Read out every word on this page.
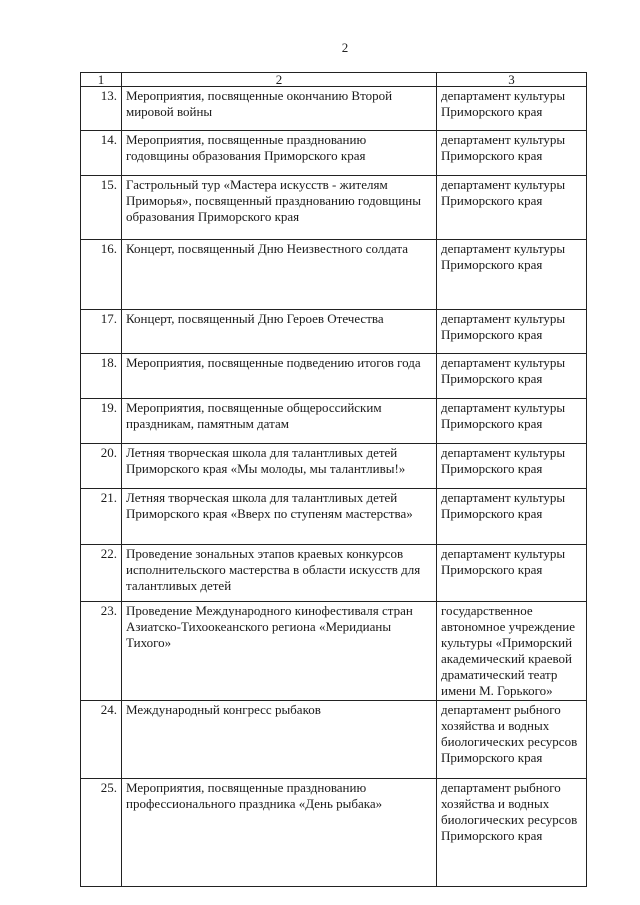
2
1	2	3
13.	Мероприятия, посвященные окончанию Второй мировой войны	департамент культуры Приморского края
14.	Мероприятия, посвященные празднованию годовщины образования Приморского края	департамент культуры Приморского края
15.	Гастрольный тур «Мастера искусств - жителям Приморья», посвященный празднованию годовщины образования Приморского края	департамент культуры Приморского края
16.	Концерт, посвященный Дню Неизвестного солдата	департамент культуры Приморского края
17.	Концерт, посвященный Дню Героев Отечества	департамент культуры Приморского края
18.	Мероприятия, посвященные подведению итогов года	департамент культуры Приморского края
19.	Мероприятия, посвященные общероссийским праздникам, памятным датам	департамент культуры Приморского края
20.	Летняя творческая школа для талантливых детей Приморского края «Мы молоды, мы талантливы!»	департамент культуры Приморского края
21.	Летняя творческая школа для талантливых детей Приморского края «Вверх по ступеням мастерства»	департамент культуры Приморского края
22.	Проведение зональных этапов краевых конкурсов исполнительского мастерства в области искусств для талантливых детей	департамент культуры Приморского края
23.	Проведение Международного кинофестиваля стран Азиатско-Тихоокеанского региона «Меридианы Тихого»	государственное автономное учреждение культуры «Приморский академический краевой драматический театр имени М. Горького»
24.	Международный конгресс рыбаков	департамент рыбного хозяйства и водных биологических ресурсов Приморского края
25.	Мероприятия, посвященные празднованию профессионального праздника «День рыбака»	департамент рыбного хозяйства и водных биологических ресурсов Приморского края
